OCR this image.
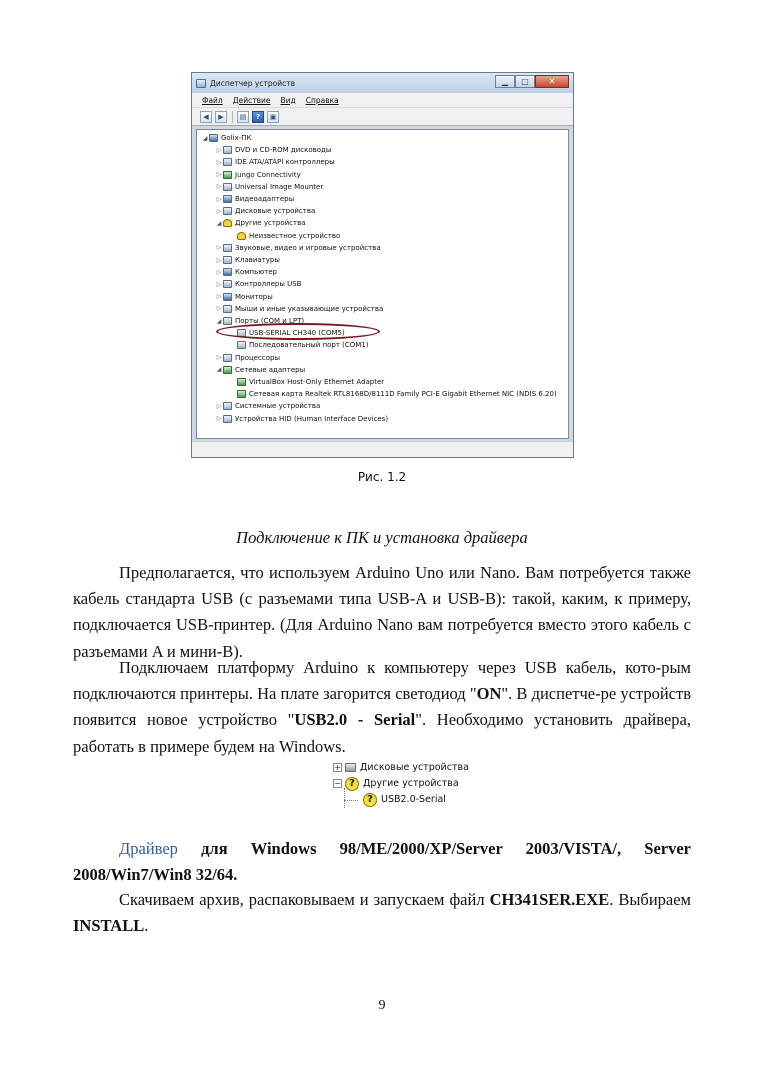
Диспетчер устройств	▁	□	✕
Файл Действие Вид Справка
◀	▶	▤	?	▣
◢ Golix-ПК
▷ DVD и CD-ROM дисководы
▷ IDE ATA/ATAPI контроллеры
▷ Jungo Connectivity
▷ Universal Image Mounter
▷ Видеоадаптеры
▷ Дисковые устройства
◢ Другие устройства
Неизвестное устройство
▷ Звуковые, видео и игровые устройства
▷ Клавиатуры
▷ Компьютер
▷ Контроллеры USB
▷ Мониторы
▷ Мыши и иные указывающие устройства
◢ Порты (COM и LPT)
USB-SERIAL CH340 (COM5)
Последовательный порт (COM1)
▷ Процессоры
◢ Сетевые адаптеры
VirtualBox Host-Only Ethernet Adapter
Сетевая карта Realtek RTL8168D/8111D Family PCI-E Gigabit Ethernet NIC (NDIS 6.20)
▷ Системные устройства
▷ Устройства HID (Human Interface Devices)
Рис. 1.2
Подключение к ПК и установка драйвера

Предполагается, что используем Arduino Uno или Nano. Вам потребуется также кабель стандарта USB (с разъемами типа USB-A и USB-B): такой, каким, к примеру, подключается USB-принтер. (Для Arduino Nano вам потребуется вместо этого кабель с разъемами A и мини-B).

Подключаем платформу Arduino к компьютеру через USB кабель, кото-рым подключаются принтеры. На плате загорится светодиод "ON". В диспетче-ре устройств появится новое устройство "USB2.0 - Serial". Необходимо установить драйвера, работать в примере будем на Windows.

+ Дисковые устройства
− ? Другие устройства
? USB2.0-Serial

Драйвер для Windows 98/ME/2000/XP/Server 2003/VISTA/, Server 2008/Win7/Win8 32/64.

Скачиваем архив, распаковываем и запускаем файл CH341SER.EXE. Выбираем INSTALL.

9
